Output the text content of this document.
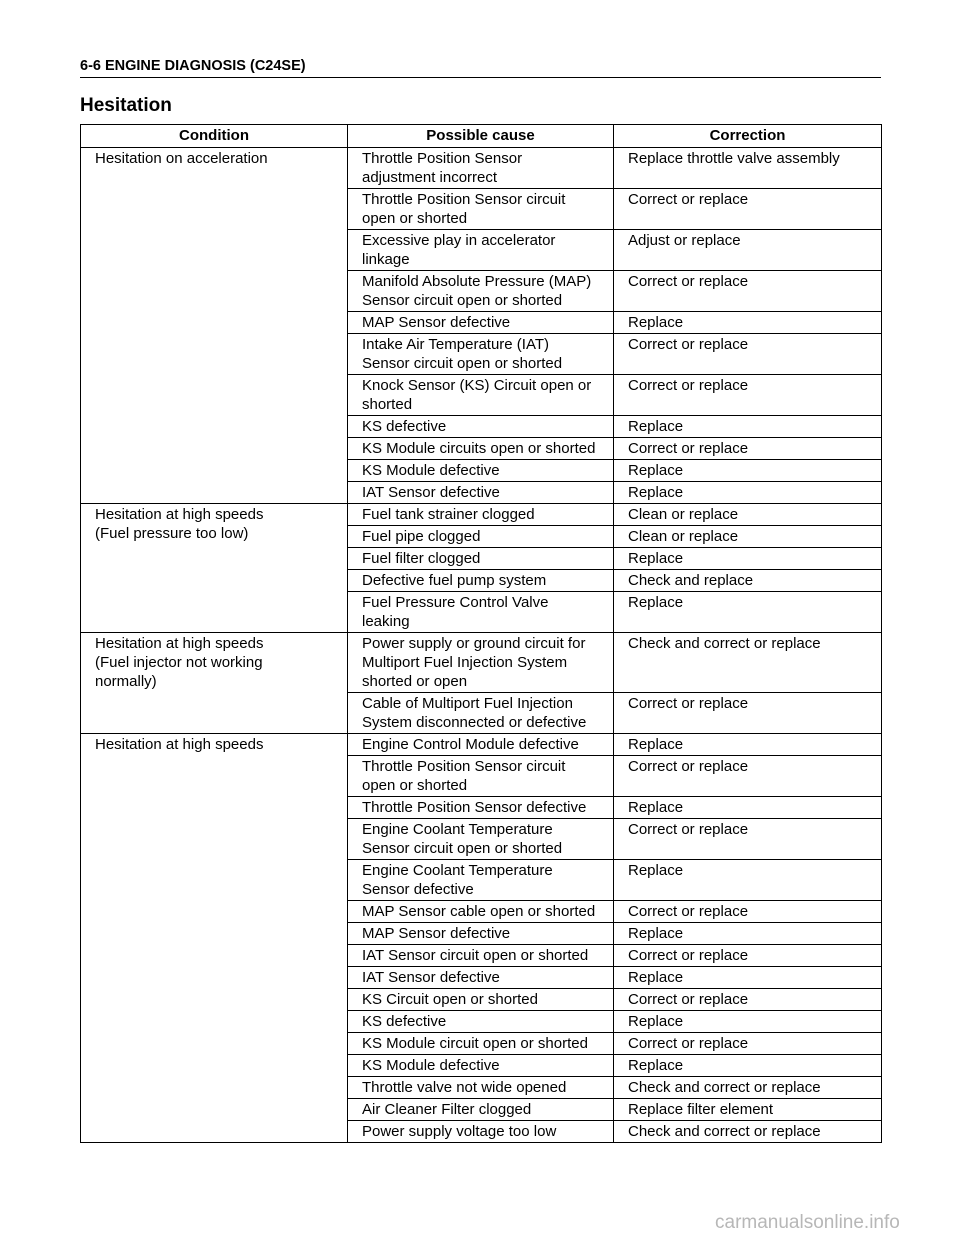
6-6 ENGINE DIAGNOSIS (C24SE)
Hesitation
Condition	Possible cause	Correction
Hesitation on acceleration	Throttle Position Sensor adjustment incorrect	Replace throttle valve assembly
	Throttle Position Sensor circuit open or shorted	Correct or replace
	Excessive play in accelerator linkage	Adjust or replace
	Manifold Absolute Pressure (MAP) Sensor circuit open or shorted	Correct or replace
	MAP Sensor defective	Replace
	Intake Air Temperature (IAT) Sensor circuit open or shorted	Correct or replace
	Knock Sensor (KS) Circuit open or shorted	Correct or replace
	KS defective	Replace
	KS Module circuits open or shorted	Correct or replace
	KS Module defective	Replace
	IAT Sensor defective	Replace
Hesitation at high speeds
(Fuel pressure too low)	Fuel tank strainer clogged	Clean or replace
	Fuel pipe clogged	Clean or replace
	Fuel filter clogged	Replace
	Defective fuel pump system	Check and replace
	Fuel Pressure Control Valve leaking	Replace
Hesitation at high speeds
(Fuel injector not working
normally)	Power supply or ground circuit for Multiport Fuel Injection System shorted or open	Check and correct or replace
	Cable of Multiport Fuel Injection System disconnected or defective	Correct or replace
Hesitation at high speeds	Engine Control Module defective	Replace
	Throttle Position Sensor circuit open or shorted	Correct or replace
	Throttle Position Sensor defective	Replace
	Engine Coolant Temperature Sensor circuit open or shorted	Correct or replace
	Engine Coolant Temperature Sensor defective	Replace
	MAP Sensor cable open or shorted	Correct or replace
	MAP Sensor defective	Replace
	IAT Sensor circuit open or shorted	Correct or replace
	IAT Sensor defective	Replace
	KS Circuit open or shorted	Correct or replace
	KS defective	Replace
	KS Module circuit open or shorted	Correct or replace
	KS Module defective	Replace
	Throttle valve not wide opened	Check and correct or replace
	Air Cleaner Filter clogged	Replace filter element
	Power supply voltage too low	Check and correct or replace
carmanualsonline.info
